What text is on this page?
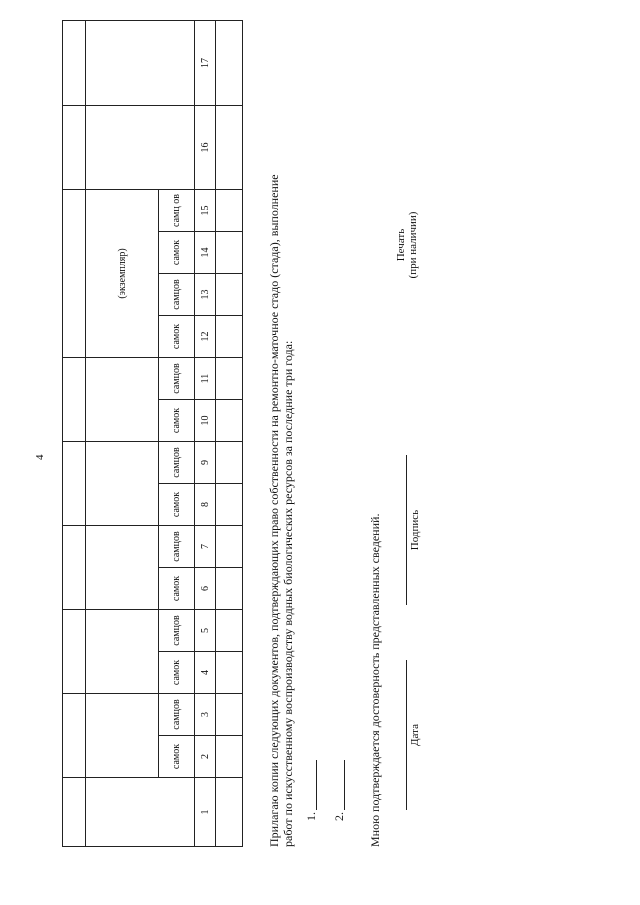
4

											(экземпляр)					
	самок	самцов	самок	самцов	самок	самцов	самок	самцов	самок	самцов	самок	самцов	самок	самц ов		
1	2	3	4	5	6	7	8	9	10	11	12	13	14	15	16	17

Прилагаю копии следующих документов, подтверждающих право собственности на ремонтно-маточное стадо (стада), выполнение работ по искусственному воспроизводству водных биологических ресурсов за последние три года: 1. 2. Мною подтверждается достоверность представленных сведений. Дата
Подпись
Печать (при наличии)
